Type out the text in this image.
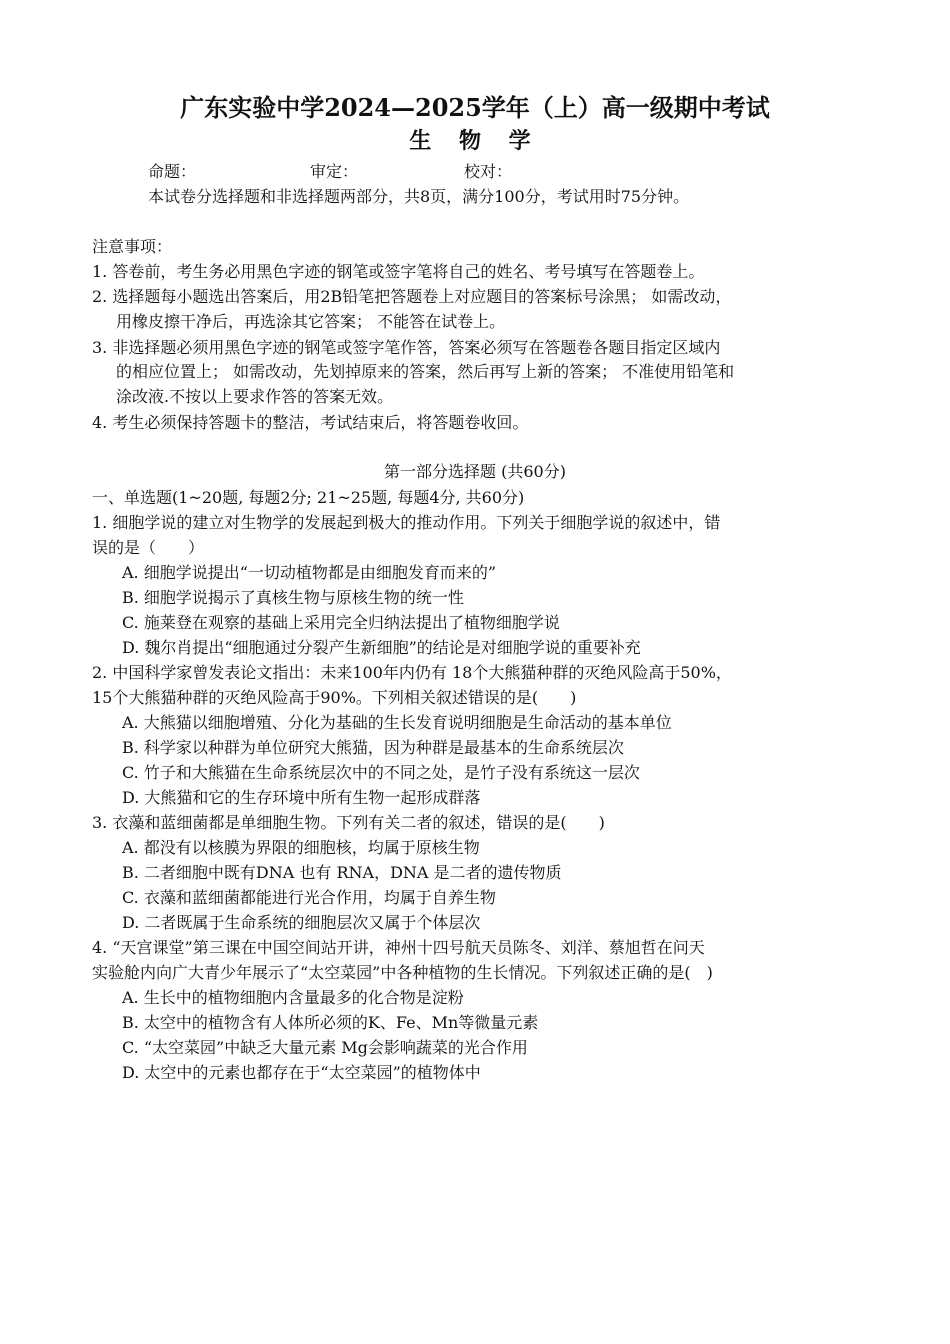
广东实验中学2024—2025学年（上）高一级期中考试
生 物 学
命题：	审定：	校对：
本试卷分选择题和非选择题两部分，共8页，满分100分，考试用时75分钟。
注意事项：
1. 答卷前，考生务必用黑色字迹的钢笔或签字笔将自己的姓名、考号填写在答题卷上。
2. 选择题每小题选出答案后，用2B铅笔把答题卷上对应题目的答案标号涂黑； 如需改动，
用橡皮擦干净后，再选涂其它答案； 不能答在试卷上。
3. 非选择题必须用黑色字迹的钢笔或签字笔作答，答案必须写在答题卷各题目指定区域内
的相应位置上； 如需改动，先划掉原来的答案，然后再写上新的答案； 不准使用铅笔和
涂改液.不按以上要求作答的答案无效。
4. 考生必须保持答题卡的整洁，考试结束后，将答题卷收回。
第一部分选择题 (共60分)
一、单选题(1~20题, 每题2分; 21~25题, 每题4分, 共60分)
1. 细胞学说的建立对生物学的发展起到极大的推动作用。下列关于细胞学说的叙述中，错
误的是（　　）
A. 细胞学说提出“一切动植物都是由细胞发育而来的”
B. 细胞学说揭示了真核生物与原核生物的统一性
C. 施莱登在观察的基础上采用完全归纳法提出了植物细胞学说
D. 魏尔肖提出“细胞通过分裂产生新细胞”的结论是对细胞学说的重要补充
2. 中国科学家曾发表论文指出：未来100年内仍有 18个大熊猫种群的灭绝风险高于50%，
15个大熊猫种群的灭绝风险高于90%。下列相关叙述错误的是(　　)
A. 大熊猫以细胞增殖、分化为基础的生长发育说明细胞是生命活动的基本单位
B. 科学家以种群为单位研究大熊猫，因为种群是最基本的生命系统层次
C. 竹子和大熊猫在生命系统层次中的不同之处，是竹子没有系统这一层次
D. 大熊猫和它的生存环境中所有生物一起形成群落
3. 衣藻和蓝细菌都是单细胞生物。下列有关二者的叙述，错误的是(　　)
A. 都没有以核膜为界限的细胞核，均属于原核生物
B. 二者细胞中既有DNA 也有 RNA，DNA 是二者的遗传物质
C. 衣藻和蓝细菌都能进行光合作用，均属于自养生物
D. 二者既属于生命系统的细胞层次又属于个体层次
4. “天宫课堂”第三课在中国空间站开讲，神州十四号航天员陈冬、刘洋、蔡旭哲在问天
实验舱内向广大青少年展示了“太空菜园”中各种植物的生长情况。下列叙述正确的是(　)
A. 生长中的植物细胞内含量最多的化合物是淀粉
B. 太空中的植物含有人体所必须的K、Fe、Mn等微量元素
C. “太空菜园”中缺乏大量元素 Mg会影响蔬菜的光合作用
D. 太空中的元素也都存在于“太空菜园”的植物体中
